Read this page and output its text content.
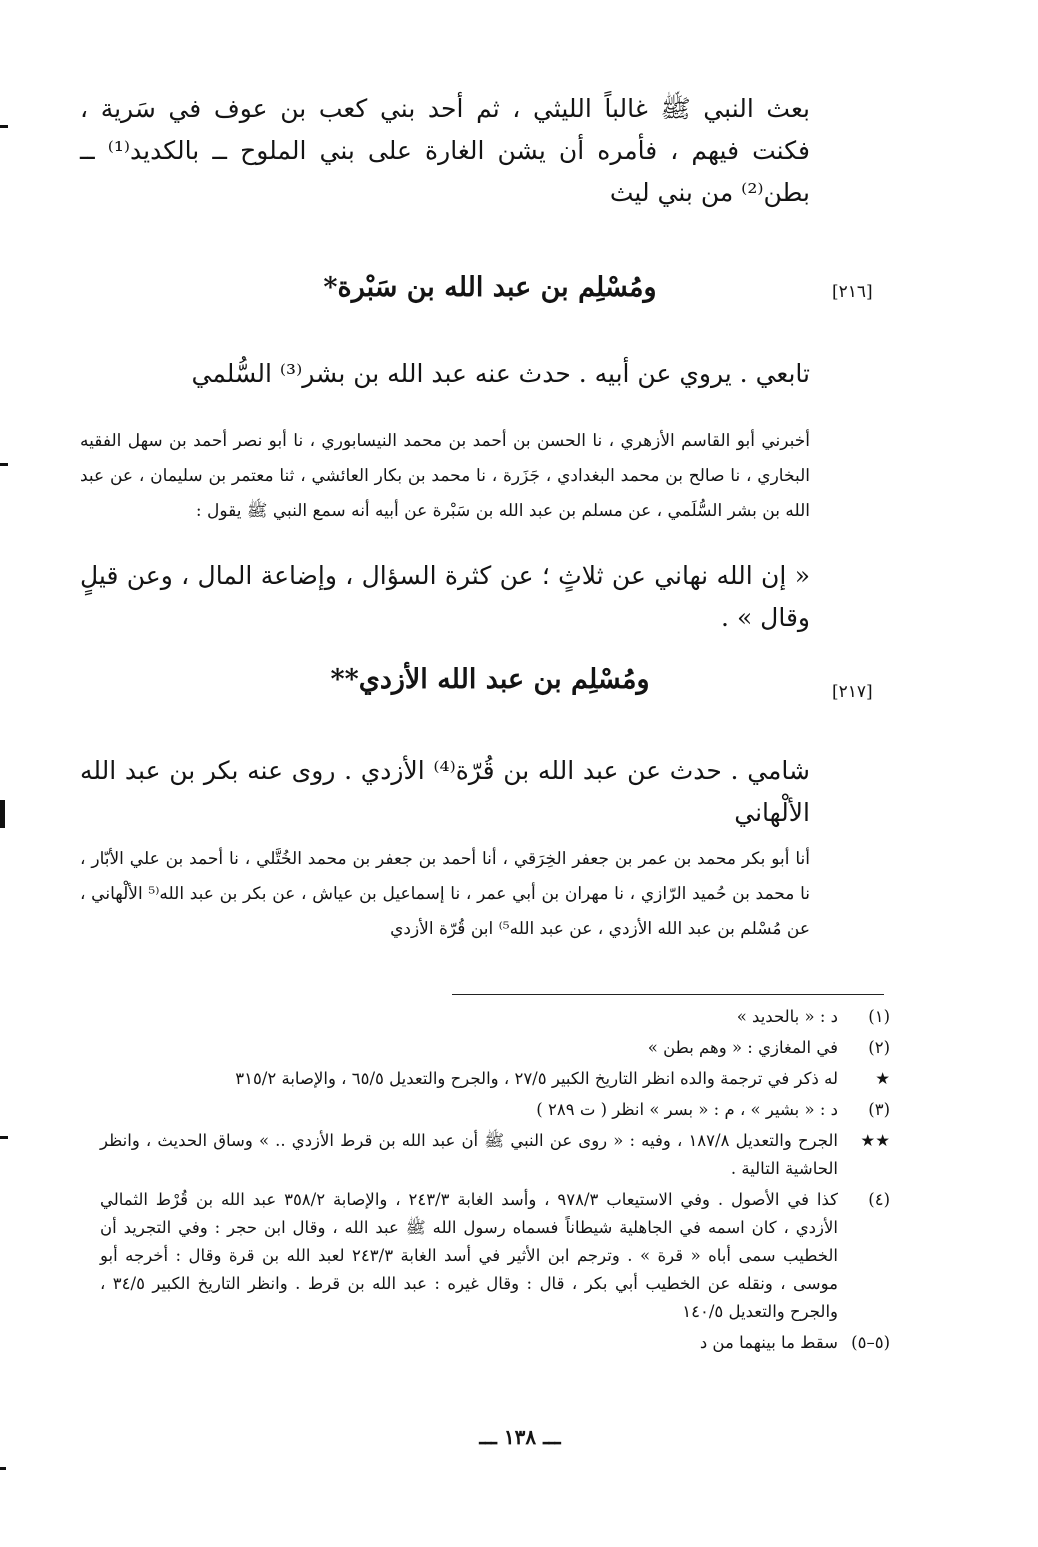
بعث النبي ﷺ غالباً الليثي ، ثم أحد بني كعب بن عوف في سَرية ، فكنت فيهم ، فأمره أن يشن الغارة على بني الملوح ــ بالكديد⁽¹⁾ ــ بطن⁽²⁾ من بني ليث

[٢١٦]
ومُسْلِم بن عبد الله بن سَبْرة*

تابعي . يروي عن أبيه . حدث عنه عبد الله بن بشر⁽³⁾ السُّلمي

أخبرني أبو القاسم الأزهري ، نا الحسن بن أحمد بن محمد النيسابوري ، نا أبو نصر أحمد بن سهل الفقيه البخاري ، نا صالح بن محمد البغدادي ، جَزَرة ، نا محمد بن بكار العائشي ، ثنا معتمر بن سليمان ، عن عبد الله بن بشر السُّلَمي ، عن مسلم بن عبد الله بن سَبْرة عن أبيه أنه سمع النبي ﷺ يقول :

« إن الله نهاني عن ثلاثٍ ؛ عن كثرة السؤال ، وإضاعة المال ، وعن قيلٍ وقال » .

[٢١٧]
ومُسْلِم بن عبد الله الأزدي**

شامي . حدث عن عبد الله بن قُرّة⁽⁴⁾ الأزدي . روى عنه بكر بن عبد الله الألْهاني

أنا أبو بكر محمد بن عمر بن جعفر الخِرَقي ، أنا أحمد بن جعفر بن محمد الخُتَّلي ، نا أحمد بن علي الأبّار ، نا محمد بن حُميد الرّازي ، نا مهران بن أبي عمر ، نا إسماعيل بن عياش ، عن بكر بن عبد الله⁽⁵ الألْهاني ، عن مُسْلم بن عبد الله الأزدي ، عن عبد الله⁵⁾ ابن قُرّة الأزدي

(١)
د : « بالحديد »
(٢)
في المغازي : « وهم بطن »
★
له ذكر في ترجمة والده انظر التاريخ الكبير ٢٧/٥ ، والجرح والتعديل ٦٥/٥ ، والإصابة ٣١٥/٢
(٣)
د : « بشير » ، م : « بسر » انظر ( ت ٢٨٩ )
★★
الجرح والتعديل ١٨٧/٨ ، وفيه : « روى عن النبي ﷺ أن عبد الله بن قرط الأزدي .. » وساق الحديث ، وانظر الحاشية التالية .
(٤)
كذا في الأصول . وفي الاستيعاب ٩٧٨/٣ ، وأسد الغابة ٢٤٣/٣ ، والإصابة ٣٥٨/٢ عبد الله بن قُرْط الثمالي الأزدي ، كان اسمه في الجاهلية شيطاناً فسماه رسول الله ﷺ عبد الله ، وقال ابن حجر : وفي التجريد أن الخطيب سمى أباه « قرة » . وترجم ابن الأثير في أسد الغابة ٢٤٣/٣ لعبد الله بن قرة وقال : أخرجه أبو موسى ، ونقله عن الخطيب أبي بكر ، قال : وقال غيره : عبد الله بن قرط . وانظر التاريخ الكبير ٣٤/٥ ، والجرح والتعديل ١٤٠/٥
(٥–٥)
سقط ما بينهما من د
ـــ ١٣٨ ـــ
